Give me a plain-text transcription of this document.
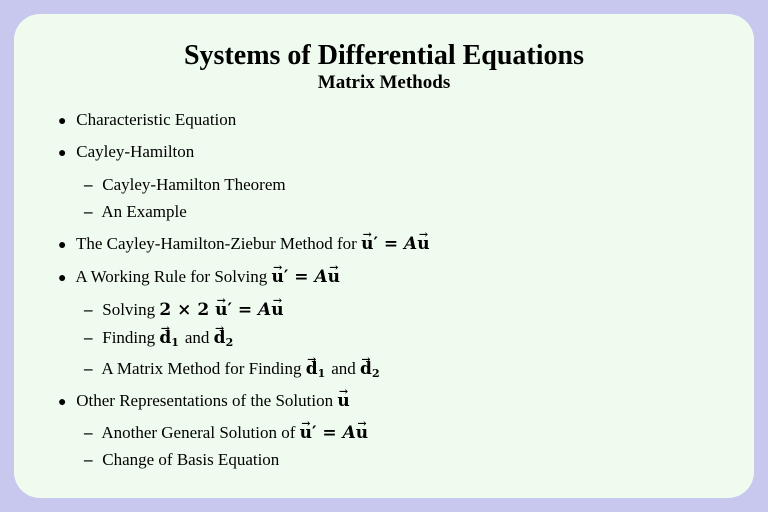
Systems of Differential Equations
Matrix Methods
● Characteristic Equation
● Cayley-Hamilton
– Cayley-Hamilton Theorem
– An Example
● The Cayley-Hamilton-Ziebur Method for → u′ = A→ u
● A Working Rule for Solving → u′ = A→ u
– Solving 2 × 2 → u′ = A→ u
– Finding → $d_1$ and → $d_2$
– A Matrix Method for Finding → $d_1$ and → $d_2$
● Other Representations of the Solution → u
– Another General Solution of → u′ = A→ u
– Change of Basis Equation
